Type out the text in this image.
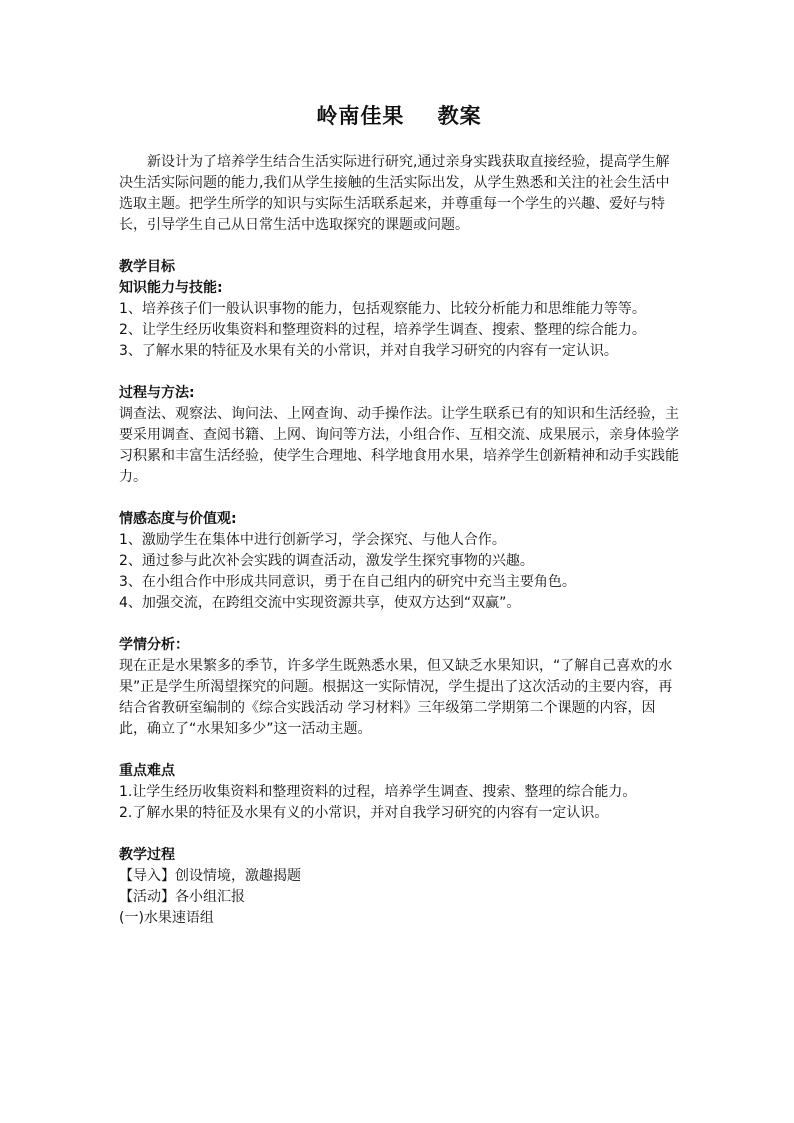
岭南佳果    教案

新设计为了培养学生结合生活实际进行研究,通过亲身实践获取直接经验，提高学生解决生活实际问题的能力,我们从学生接触的生活实际出发，从学生熟悉和关注的社会生活中选取主题。把学生所学的知识与实际生活联系起来，并尊重每一个学生的兴趣、爱好与特长，引导学生自己从日常生活中选取探究的课题或问题。

教学目标

知识能力与技能:

1、培养孩子们一般认识事物的能力，包括观察能力、比较分析能力和思维能力等等。

2、让学生经历收集资料和整理资料的过程，培养学生调查、搜索、整理的综合能力。

3、了解水果的特征及水果有关的小常识，并对自我学习研究的内容有一定认识。

过程与方法:

调查法、观察法、询问法、上网查询、动手操作法。让学生联系已有的知识和生活经验，主要采用调查、查阅书籍、上网、询问等方法，小组合作、互相交流、成果展示，亲身体验学习积累和丰富生活经验，使学生合理地、科学地食用水果，培养学生创新精神和动手实践能力。

情感态度与价值观:

1、激励学生在集体中进行创新学习，学会探究、与他人合作。

2、通过参与此次补会实践的调查活动，激发学生探究事物的兴趣。

3、在小组合作中形成共同意识，勇于在自己组内的研究中充当主要角色。

4、加强交流，在跨组交流中实现资源共享，使双方达到“双赢”。

学情分析：

现在正是水果繁多的季节，许多学生既熟悉水果，但又缺乏水果知识，“了解自己喜欢的水果”正是学生所渴望探究的问题。根据这一实际情况，学生提出了这次活动的主要内容，再结合省教研室编制的《综合实践活动 学习材料》三年级第二学期第二个课题的内容，因此，确立了“水果知多少”这一活动主题。

重点难点

1.让学生经历收集资料和整理资料的过程，培养学生调查、搜索、整理的综合能力。

2.了解水果的特征及水果有义的小常识，并对自我学习研究的内容有一定认识。

教学过程

【导入】创设情境，激趣揭题

【活动】各小组汇报

(一)水果速语组
